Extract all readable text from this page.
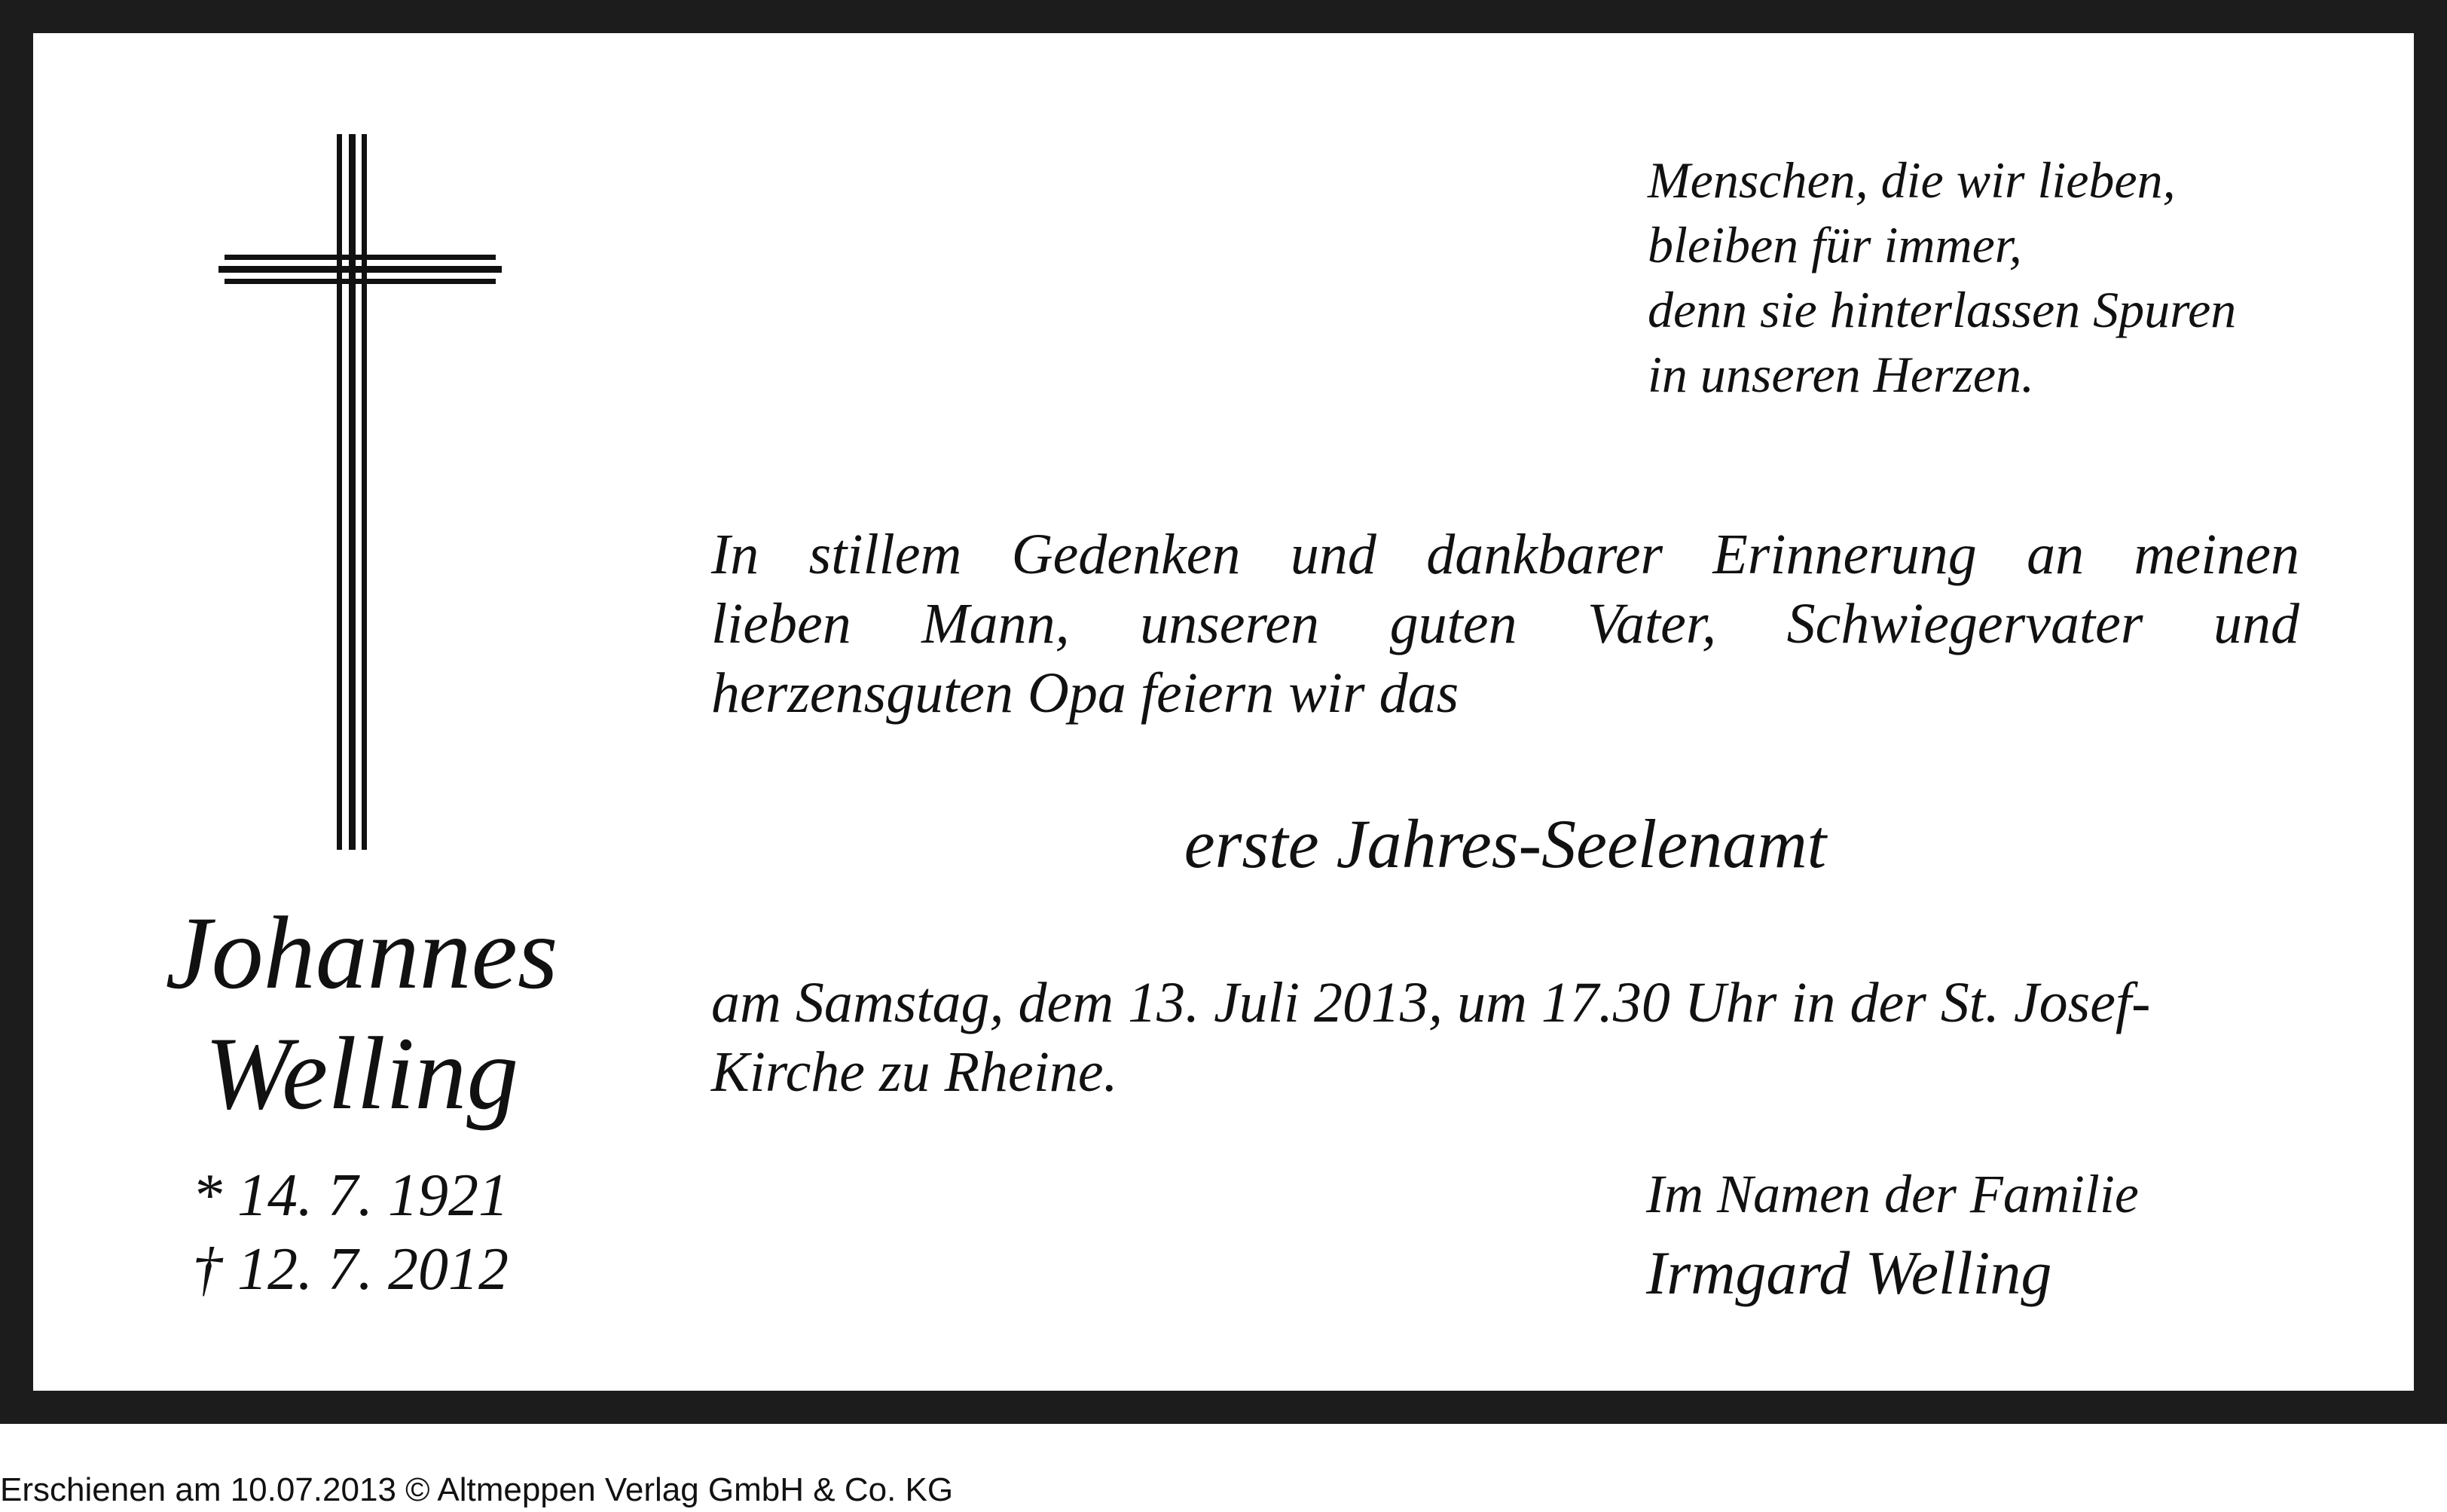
Menschen, die wir lieben,
bleiben für immer,
denn sie hinterlassen Spuren
in unseren Herzen.
In stillem Gedenken und dankbarer Erinnerung an meinen
lieben Mann, unseren guten Vater, Schwiegervater und
herzensguten Opa feiern wir das
erste Jahres-Seelenamt
am Samstag, dem 13. Juli 2013, um 17.30 Uhr in der St. Josef-
Kirche zu Rheine.
Johannes
Welling
* 14. 7. 1921
† 12. 7. 2012
Im Namen der Familie
Irmgard Welling
Erschienen am 10.07.2013 © Altmeppen Verlag GmbH & Co. KG
